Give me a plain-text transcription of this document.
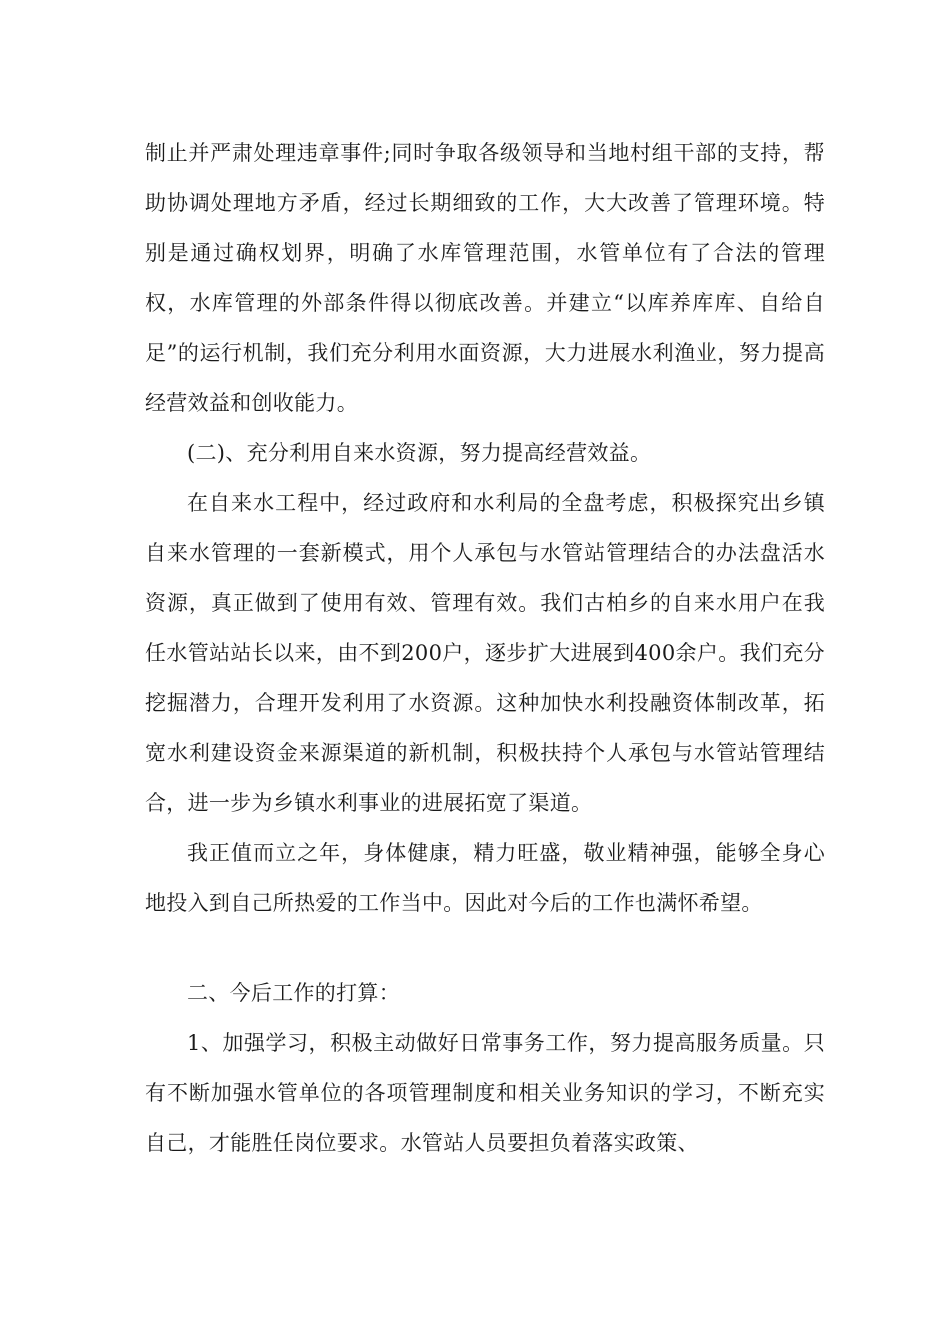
制止并严肃处理违章事件;同时争取各级领导和当地村组干部的支持，帮助协调处理地方矛盾，经过长期细致的工作，大大改善了管理环境。特别是通过确权划界，明确了水库管理范围，水管单位有了合法的管理权，水库管理的外部条件得以彻底改善。并建立“以库养库库、自给自足”的运行机制，我们充分利用水面资源，大力进展水利渔业，努力提高经营效益和创收能力。

(二)、充分利用自来水资源，努力提高经营效益。

在自来水工程中，经过政府和水利局的全盘考虑，积极探究出乡镇自来水管理的一套新模式，用个人承包与水管站管理结合的办法盘活水资源，真正做到了使用有效、管理有效。我们古柏乡的自来水用户在我任水管站站长以来，由不到200户，逐步扩大进展到400余户。我们充分挖掘潜力，合理开发利用了水资源。这种加快水利投融资体制改革，拓宽水利建设资金来源渠道的新机制，积极扶持个人承包与水管站管理结合，进一步为乡镇水利事业的进展拓宽了渠道。

我正值而立之年，身体健康，精力旺盛，敬业精神强，能够全身心地投入到自己所热爱的工作当中。因此对今后的工作也满怀希望。

二、今后工作的打算：

1、加强学习，积极主动做好日常事务工作，努力提高服务质量。只有不断加强水管单位的各项管理制度和相关业务知识的学习，不断充实自己，才能胜任岗位要求。水管站人员要担负着落实政策、
